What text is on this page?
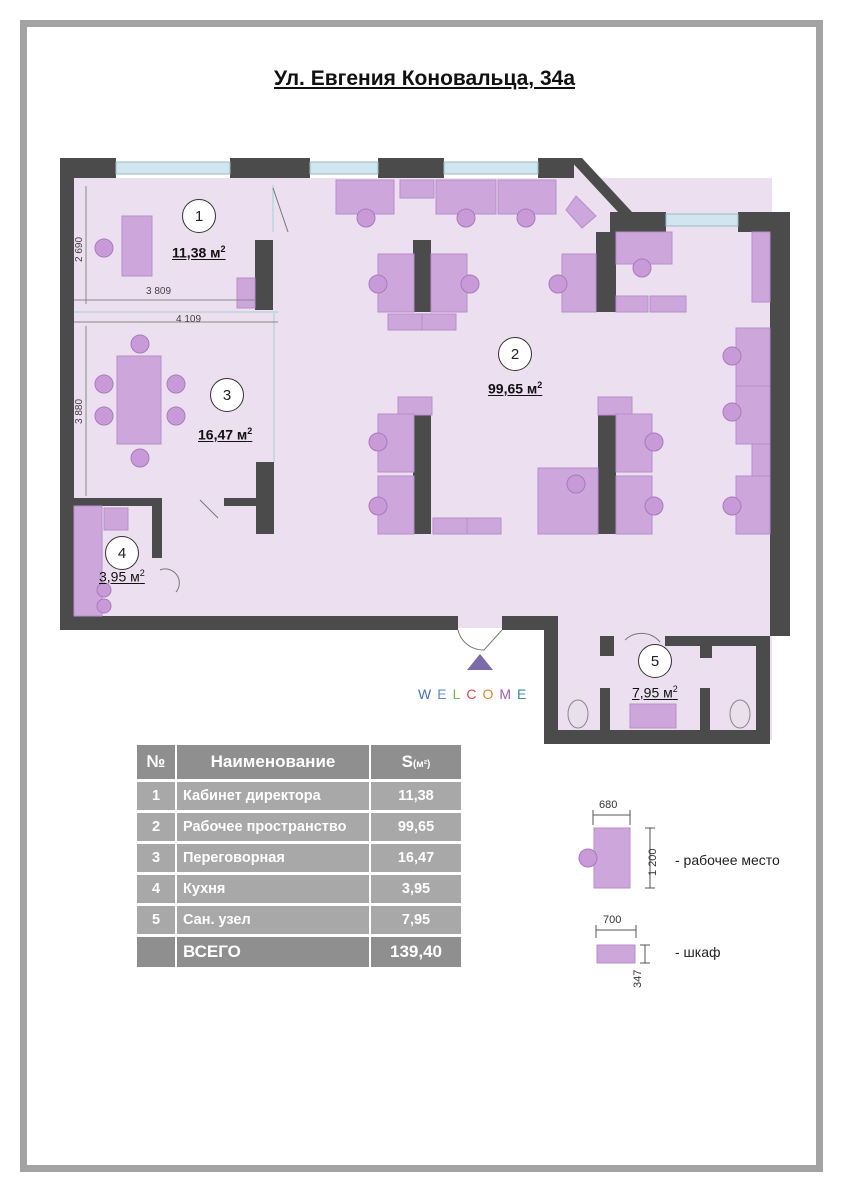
Ул. Евгения Коновальца, 34а
1
2
3
4
5
11,38 $м^2$
99,65 $м^2$
16,47 $м^2$
3,95 $м^2$
7,95 $м^2$
2 690
3 809
4 109
3 880
WELCOME
№	Наименование	S(м²)
1	Кабинет директора	11,38
2	Рабочее пространство	99,65
3	Переговорная	16,47
4	Кухня	3,95
5	Сан. узел	7,95
	ВСЕГО	139,40
680
1 200 - рабочее место
700
347
- шкаф
